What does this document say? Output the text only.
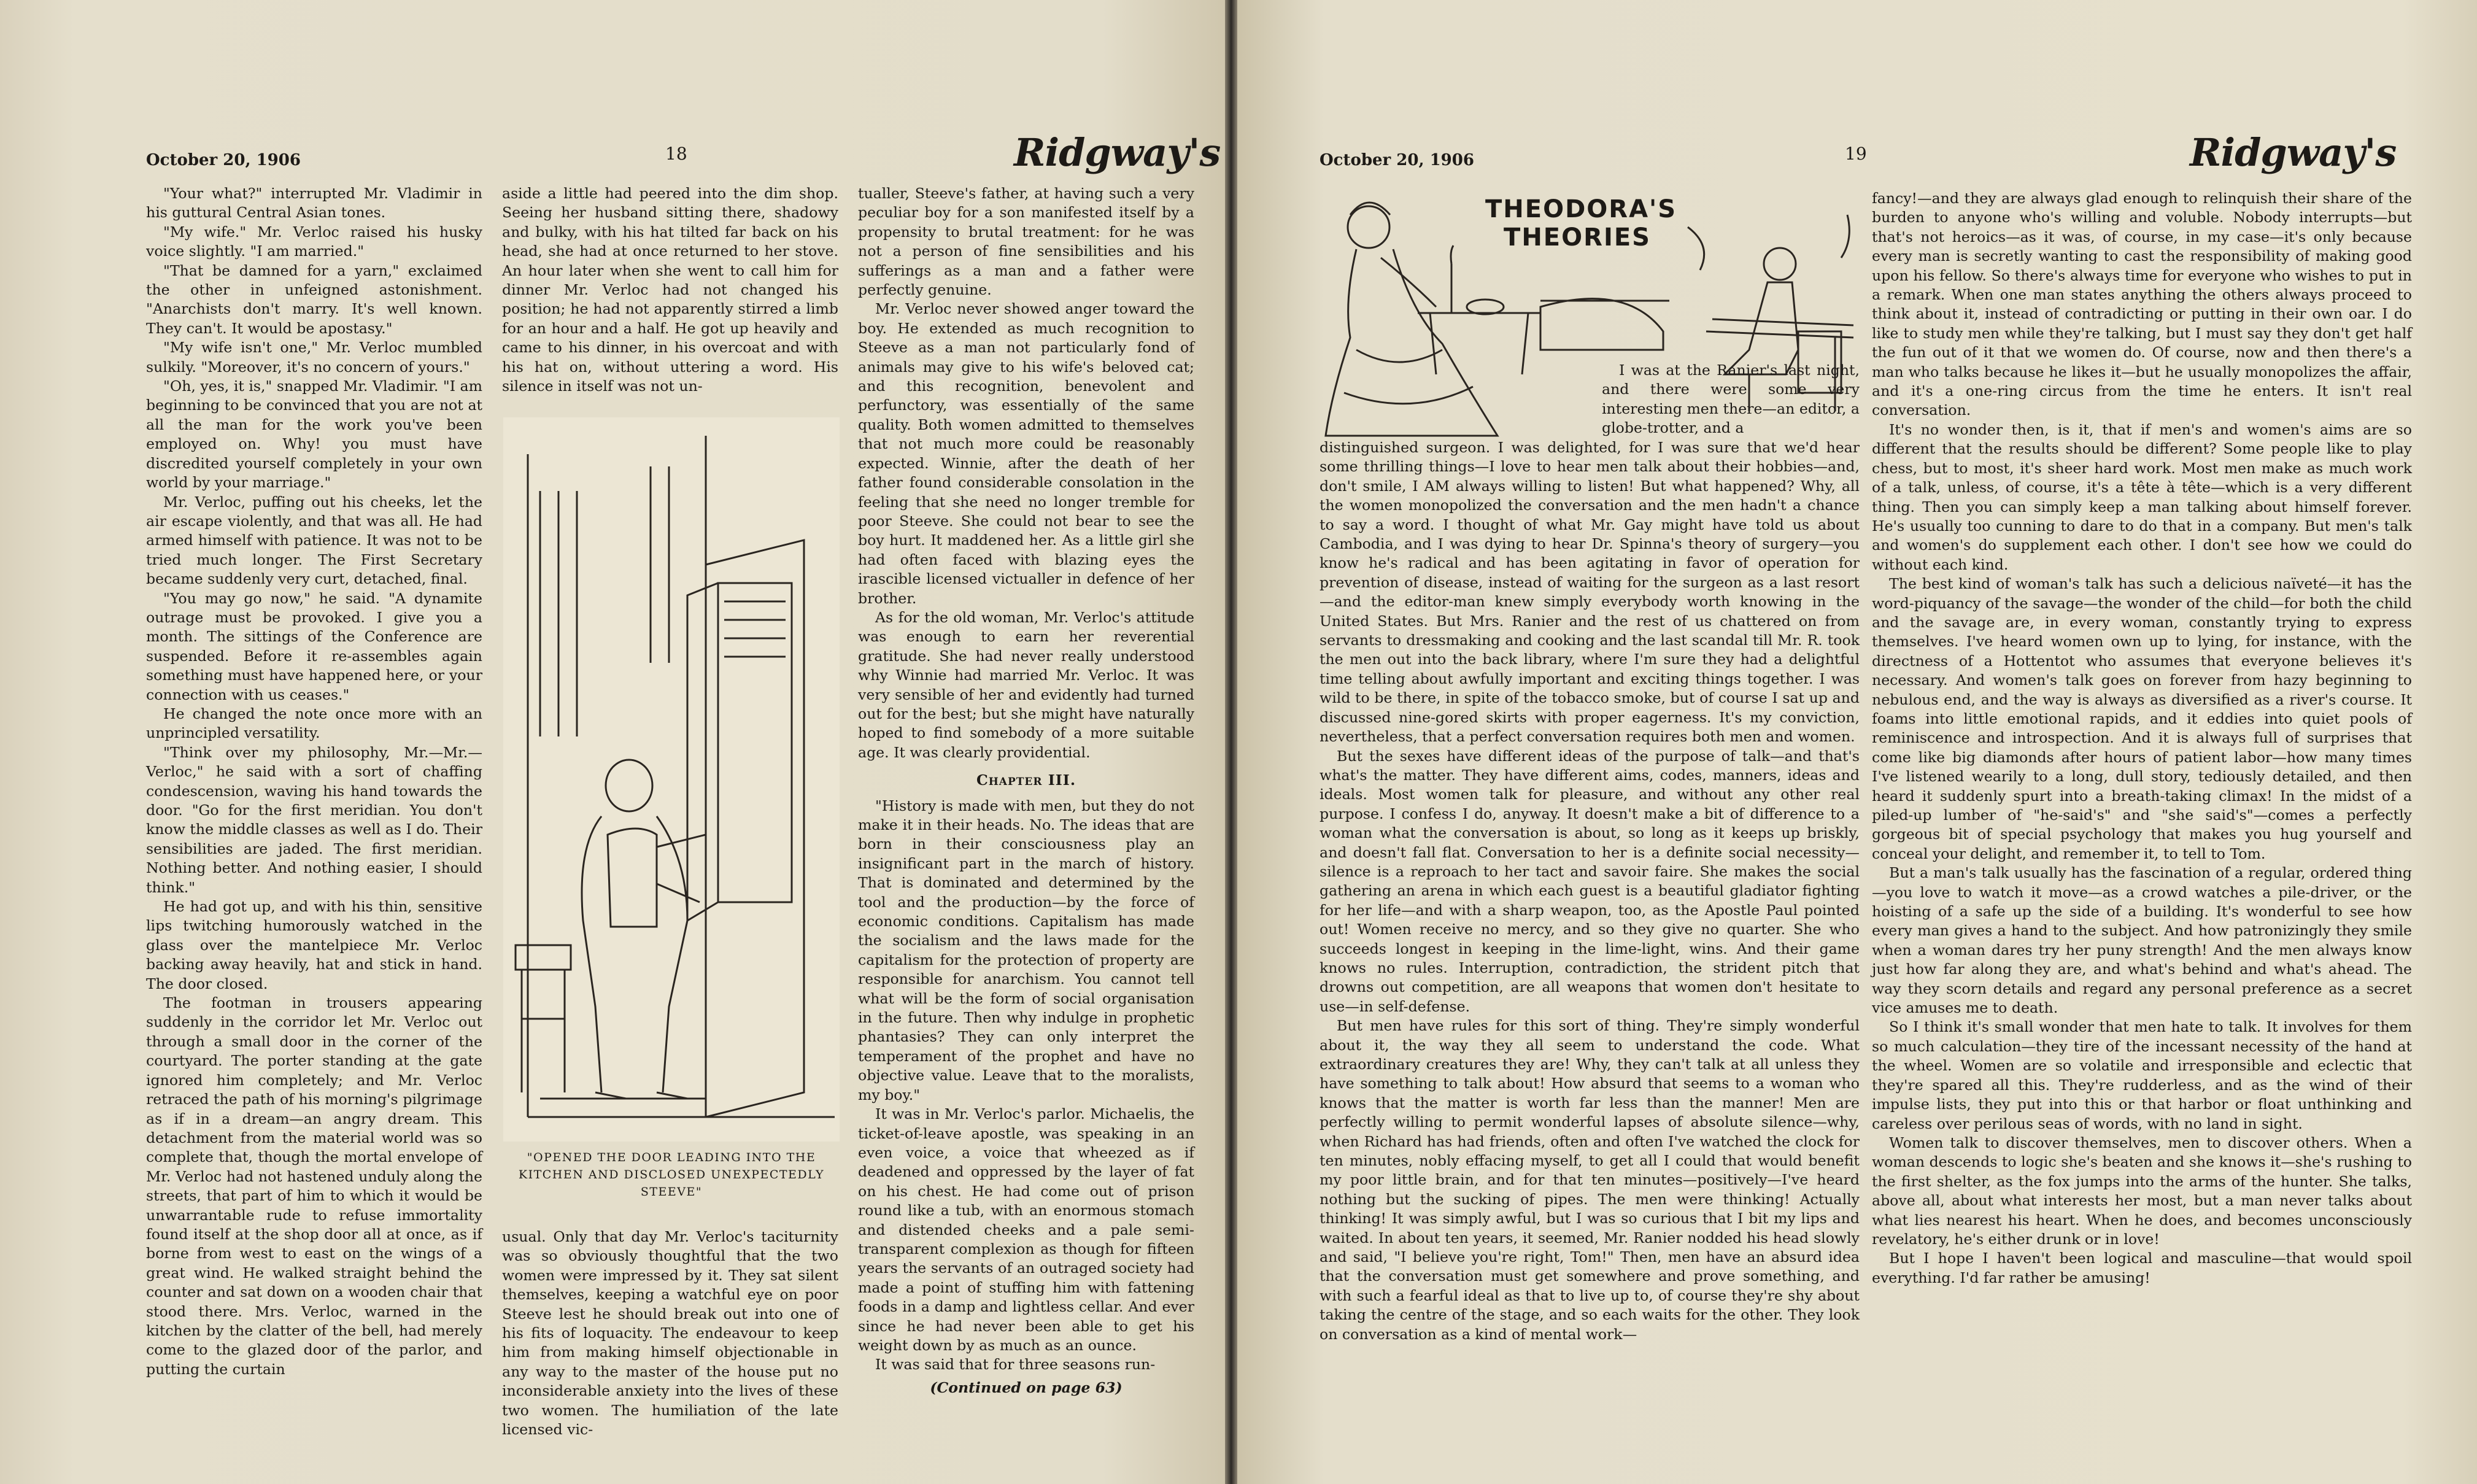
October 20, 1906	18	Ridgway's

"Your what?" interrupted Mr. Vladimir in his guttural Central Asian tones.

"My wife." Mr. Verloc raised his husky voice slightly. "I am married."

"That be damned for a yarn," exclaimed the other in unfeigned astonishment. "Anarchists don't marry. It's well known. They can't. It would be apostasy."

"My wife isn't one," Mr. Verloc mumbled sulkily. "Moreover, it's no concern of yours."

"Oh, yes, it is," snapped Mr. Vladimir. "I am beginning to be convinced that you are not at all the man for the work you've been employed on. Why! you must have discredited yourself completely in your own world by your marriage."

Mr. Verloc, puffing out his cheeks, let the air escape violently, and that was all. He had armed himself with patience. It was not to be tried much longer. The First Secretary became suddenly very curt, detached, final.

"You may go now," he said. "A dynamite outrage must be provoked. I give you a month. The sittings of the Conference are suspended. Before it re-assembles again something must have happened here, or your connection with us ceases."

He changed the note once more with an unprincipled versatility.

"Think over my philosophy, Mr.—Mr.—Verloc," he said with a sort of chaffing condescension, waving his hand towards the door. "Go for the first meridian. You don't know the middle classes as well as I do. Their sensibilities are jaded. The first meridian. Nothing better. And nothing easier, I should think."

He had got up, and with his thin, sensitive lips twitching humorously watched in the glass over the mantelpiece Mr. Verloc backing away heavily, hat and stick in hand. The door closed.

The footman in trousers appearing suddenly in the corridor let Mr. Verloc out through a small door in the corner of the courtyard. The porter standing at the gate ignored him completely; and Mr. Verloc retraced the path of his morning's pilgrimage as if in a dream—an angry dream. This detachment from the material world was so complete that, though the mortal envelope of Mr. Verloc had not hastened unduly along the streets, that part of him to which it would be unwarrantable rude to refuse immortality found itself at the shop door all at once, as if borne from west to east on the wings of a great wind. He walked straight behind the counter and sat down on a wooden chair that stood there. Mrs. Verloc, warned in the kitchen by the clatter of the bell, had merely come to the glazed door of the parlor, and putting the curtain

aside a little had peered into the dim shop. Seeing her husband sitting there, shadowy and bulky, with his hat tilted far back on his head, she had at once returned to her stove. An hour later when she went to call him for dinner Mr. Verloc had not changed his position; he had not apparently stirred a limb for an hour and a half. He got up heavily and came to his dinner, in his overcoat and with his hat on, without uttering a word. His silence in itself was not un-

"OPENED THE DOOR LEADING INTO THE KITCHEN AND DISCLOSED UNEXPECTEDLY STEEVE"

usual. Only that day Mr. Verloc's taciturnity was so obviously thoughtful that the two women were impressed by it. They sat silent themselves, keeping a watchful eye on poor Steeve lest he should break out into one of his fits of loquacity. The endeavour to keep him from making himself objectionable in any way to the master of the house put no inconsiderable anxiety into the lives of these two women. The humiliation of the late licensed vic-

tualler, Steeve's father, at having such a very peculiar boy for a son manifested itself by a propensity to brutal treatment: for he was not a person of fine sensibilities and his sufferings as a man and a father were perfectly genuine.

Mr. Verloc never showed anger toward the boy. He extended as much recognition to Steeve as a man not particularly fond of animals may give to his wife's beloved cat; and this recognition, benevolent and perfunctory, was essentially of the same quality. Both women admitted to themselves that not much more could be reasonably expected. Winnie, after the death of her father found considerable consolation in the feeling that she need no longer tremble for poor Steeve. She could not bear to see the boy hurt. It maddened her. As a little girl she had often faced with blazing eyes the irascible licensed victualler in defence of her brother.

As for the old woman, Mr. Verloc's attitude was enough to earn her reverential gratitude. She had never really understood why Winnie had married Mr. Verloc. It was very sensible of her and evidently had turned out for the best; but she might have naturally hoped to find somebody of a more suitable age. It was clearly providential.

Chapter III.

"History is made with men, but they do not make it in their heads. No. The ideas that are born in their consciousness play an insignificant part in the march of history. That is dominated and determined by the tool and the production—by the force of economic conditions. Capitalism has made the socialism and the laws made for the capitalism for the protection of property are responsible for anarchism. You cannot tell what will be the form of social organisation in the future. Then why indulge in prophetic phantasies? They can only interpret the temperament of the prophet and have no objective value. Leave that to the moralists, my boy."

It was in Mr. Verloc's parlor. Michaelis, the ticket-of-leave apostle, was speaking in an even voice, a voice that wheezed as if deadened and oppressed by the layer of fat on his chest. He had come out of prison round like a tub, with an enormous stomach and distended cheeks and a pale semi-transparent complexion as though for fifteen years the servants of an outraged society had made a point of stuffing him with fattening foods in a damp and lightless cellar. And ever since he had never been able to get his weight down by as much as an ounce.

It was said that for three seasons run-

(Continued on page 63)

October 20, 1906	19	Ridgway's
THEODORA'S
THEORIES

I was at the Ranier's last night, and there were some very interesting men there—an editor, a globe-trotter, and a

distinguished surgeon. I was delighted, for I was sure that we'd hear some thrilling things—I love to hear men talk about their hobbies—and, don't smile, I AM always willing to listen! But what happened? Why, all the women monopolized the conversation and the men hadn't a chance to say a word. I thought of what Mr. Gay might have told us about Cambodia, and I was dying to hear Dr. Spinna's theory of surgery—you know he's radical and has been agitating in favor of operation for prevention of disease, instead of waiting for the surgeon as a last resort—and the editor-man knew simply everybody worth knowing in the United States. But Mrs. Ranier and the rest of us chattered on from servants to dressmaking and cooking and the last scandal till Mr. R. took the men out into the back library, where I'm sure they had a delightful time telling about awfully important and exciting things together. I was wild to be there, in spite of the tobacco smoke, but of course I sat up and discussed nine-gored skirts with proper eagerness. It's my conviction, nevertheless, that a perfect conversation requires both men and women.

But the sexes have different ideas of the purpose of talk—and that's what's the matter. They have different aims, codes, manners, ideas and ideals. Most women talk for pleasure, and without any other real purpose. I confess I do, anyway. It doesn't make a bit of difference to a woman what the conversation is about, so long as it keeps up briskly, and doesn't fall flat. Conversation to her is a definite social necessity—silence is a reproach to her tact and savoir faire. She makes the social gathering an arena in which each guest is a beautiful gladiator fighting for her life—and with a sharp weapon, too, as the Apostle Paul pointed out! Women receive no mercy, and so they give no quarter. She who succeeds longest in keeping in the lime-light, wins. And their game knows no rules. Interruption, contradiction, the strident pitch that drowns out competition, are all weapons that women don't hesitate to use—in self-defense.

But men have rules for this sort of thing. They're simply wonderful about it, the way they all seem to understand the code. What extraordinary creatures they are! Why, they can't talk at all unless they have something to talk about! How absurd that seems to a woman who knows that the matter is worth far less than the manner! Men are perfectly willing to permit wonderful lapses of absolute silence—why, when Richard has had friends, often and often I've watched the clock for ten minutes, nobly effacing myself, to get all I could that would benefit my poor little brain, and for that ten minutes—positively—I've heard nothing but the sucking of pipes. The men were thinking! Actually thinking! It was simply awful, but I was so curious that I bit my lips and waited. In about ten years, it seemed, Mr. Ranier nodded his head slowly and said, "I believe you're right, Tom!" Then, men have an absurd idea that the conversation must get somewhere and prove something, and with such a fearful ideal as that to live up to, of course they're shy about taking the centre of the stage, and so each waits for the other. They look on conversation as a kind of mental work—

fancy!—and they are always glad enough to relinquish their share of the burden to anyone who's willing and voluble. Nobody interrupts—but that's not heroics—as it was, of course, in my case—it's only because every man is secretly wanting to cast the responsibility of making good upon his fellow. So there's always time for everyone who wishes to put in a remark. When one man states anything the others always proceed to think about it, instead of contradicting or putting in their own oar. I do like to study men while they're talking, but I must say they don't get half the fun out of it that we women do. Of course, now and then there's a man who talks because he likes it—but he usually monopolizes the affair, and it's a one-ring circus from the time he enters. It isn't real conversation.

It's no wonder then, is it, that if men's and women's aims are so different that the results should be different? Some people like to play chess, but to most, it's sheer hard work. Most men make as much work of a talk, unless, of course, it's a tête à tête—which is a very different thing. Then you can simply keep a man talking about himself forever. He's usually too cunning to dare to do that in a company. But men's talk and women's do supplement each other. I don't see how we could do without each kind.

The best kind of woman's talk has such a delicious naïveté—it has the word-piquancy of the savage—the wonder of the child—for both the child and the savage are, in every woman, constantly trying to express themselves. I've heard women own up to lying, for instance, with the directness of a Hottentot who assumes that everyone believes it's necessary. And women's talk goes on forever from hazy beginning to nebulous end, and the way is always as diversified as a river's course. It foams into little emotional rapids, and it eddies into quiet pools of reminiscence and introspection. And it is always full of surprises that come like big diamonds after hours of patient labor—how many times I've listened wearily to a long, dull story, tediously detailed, and then heard it suddenly spurt into a breath-taking climax! In the midst of a piled-up lumber of "he-said's" and "she said's"—comes a perfectly gorgeous bit of special psychology that makes you hug yourself and conceal your delight, and remember it, to tell to Tom.

But a man's talk usually has the fascination of a regular, ordered thing—you love to watch it move—as a crowd watches a pile-driver, or the hoisting of a safe up the side of a building. It's wonderful to see how every man gives a hand to the subject. And how patronizingly they smile when a woman dares try her puny strength! And the men always know just how far along they are, and what's behind and what's ahead. The way they scorn details and regard any personal preference as a secret vice amuses me to death.

So I think it's small wonder that men hate to talk. It involves for them so much calculation—they tire of the incessant necessity of the hand at the wheel. Women are so volatile and irresponsible and eclectic that they're spared all this. They're rudderless, and as the wind of their impulse lists, they put into this or that harbor or float unthinking and careless over perilous seas of words, with no land in sight.

Women talk to discover themselves, men to discover others. When a woman descends to logic she's beaten and she knows it—she's rushing to the first shelter, as the fox jumps into the arms of the hunter. She talks, above all, about what interests her most, but a man never talks about what lies nearest his heart. When he does, and becomes unconsciously revelatory, he's either drunk or in love!

But I hope I haven't been logical and masculine—that would spoil everything. I'd far rather be amusing!
